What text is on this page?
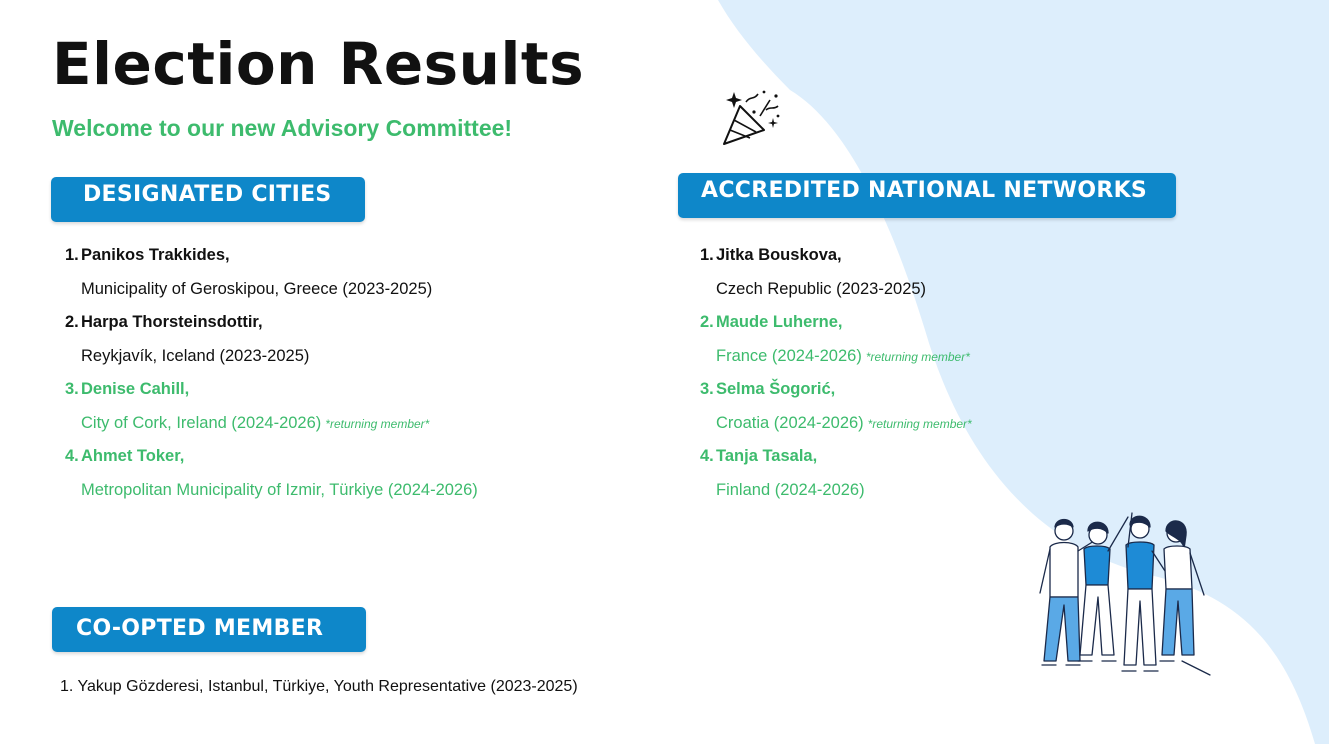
Election Results
Welcome to our new Advisory Committee!
DESIGNATED CITIES	ACCREDITED NATIONAL NETWORKS
1. Panikos Trakkides,
Municipality of Geroskipou, Greece (2023-2025)
2. Harpa Thorsteinsdottir,
Reykjavík, Iceland (2023-2025)
3. Denise Cahill,
City of Cork, Ireland (2024-2026) *returning member*
4. Ahmet Toker,
Metropolitan Municipality of Izmir, Türkiye (2024-2026)
1. Jitka Bouskova,
Czech Republic (2023-2025)
2. Maude Luherne,
France (2024-2026) *returning member*
3. Selma Šogorić,
Croatia (2024-2026) *returning member*
4. Tanja Tasala,
Finland (2024-2026)
CO-OPTED MEMBER
1. Yakup Gözderesi, Istanbul, Türkiye, Youth Representative (2023-2025)
